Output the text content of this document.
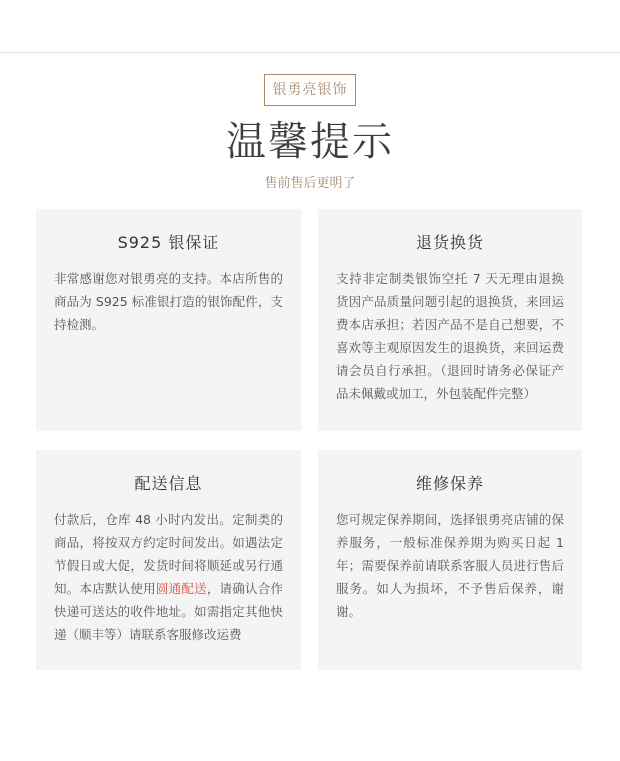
银勇亮银饰
温馨提示
售前售后更明了
S925 银保证

非常感谢您对银勇亮的支持。本店所售的商品为 S925 标准银打造的银饰配件，支持检测。

退货换货

支持非定制类银饰空托 7 天无理由退换货因产品质量问题引起的退换货，来回运费本店承担；若因产品不是自己想要，不喜欢等主观原因发生的退换货，来回运费请会员自行承担。（退回时请务必保证产品未佩戴或加工，外包装配件完整）

配送信息

付款后，仓库 48 小时内发出。定制类的商品，将按双方约定时间发出。如遇法定节假日或大促，发货时间将顺延或另行通知。本店默认使用圆通配送，请确认合作快递可送达的收件地址。如需指定其他快递（顺丰等）请联系客服修改运费

维修保养

您可规定保养期间，选择银勇亮店铺的保养服务，一般标准保养期为购买日起 1 年；需要保养前请联系客服人员进行售后服务。如人为损坏，不予售后保养，谢谢。
